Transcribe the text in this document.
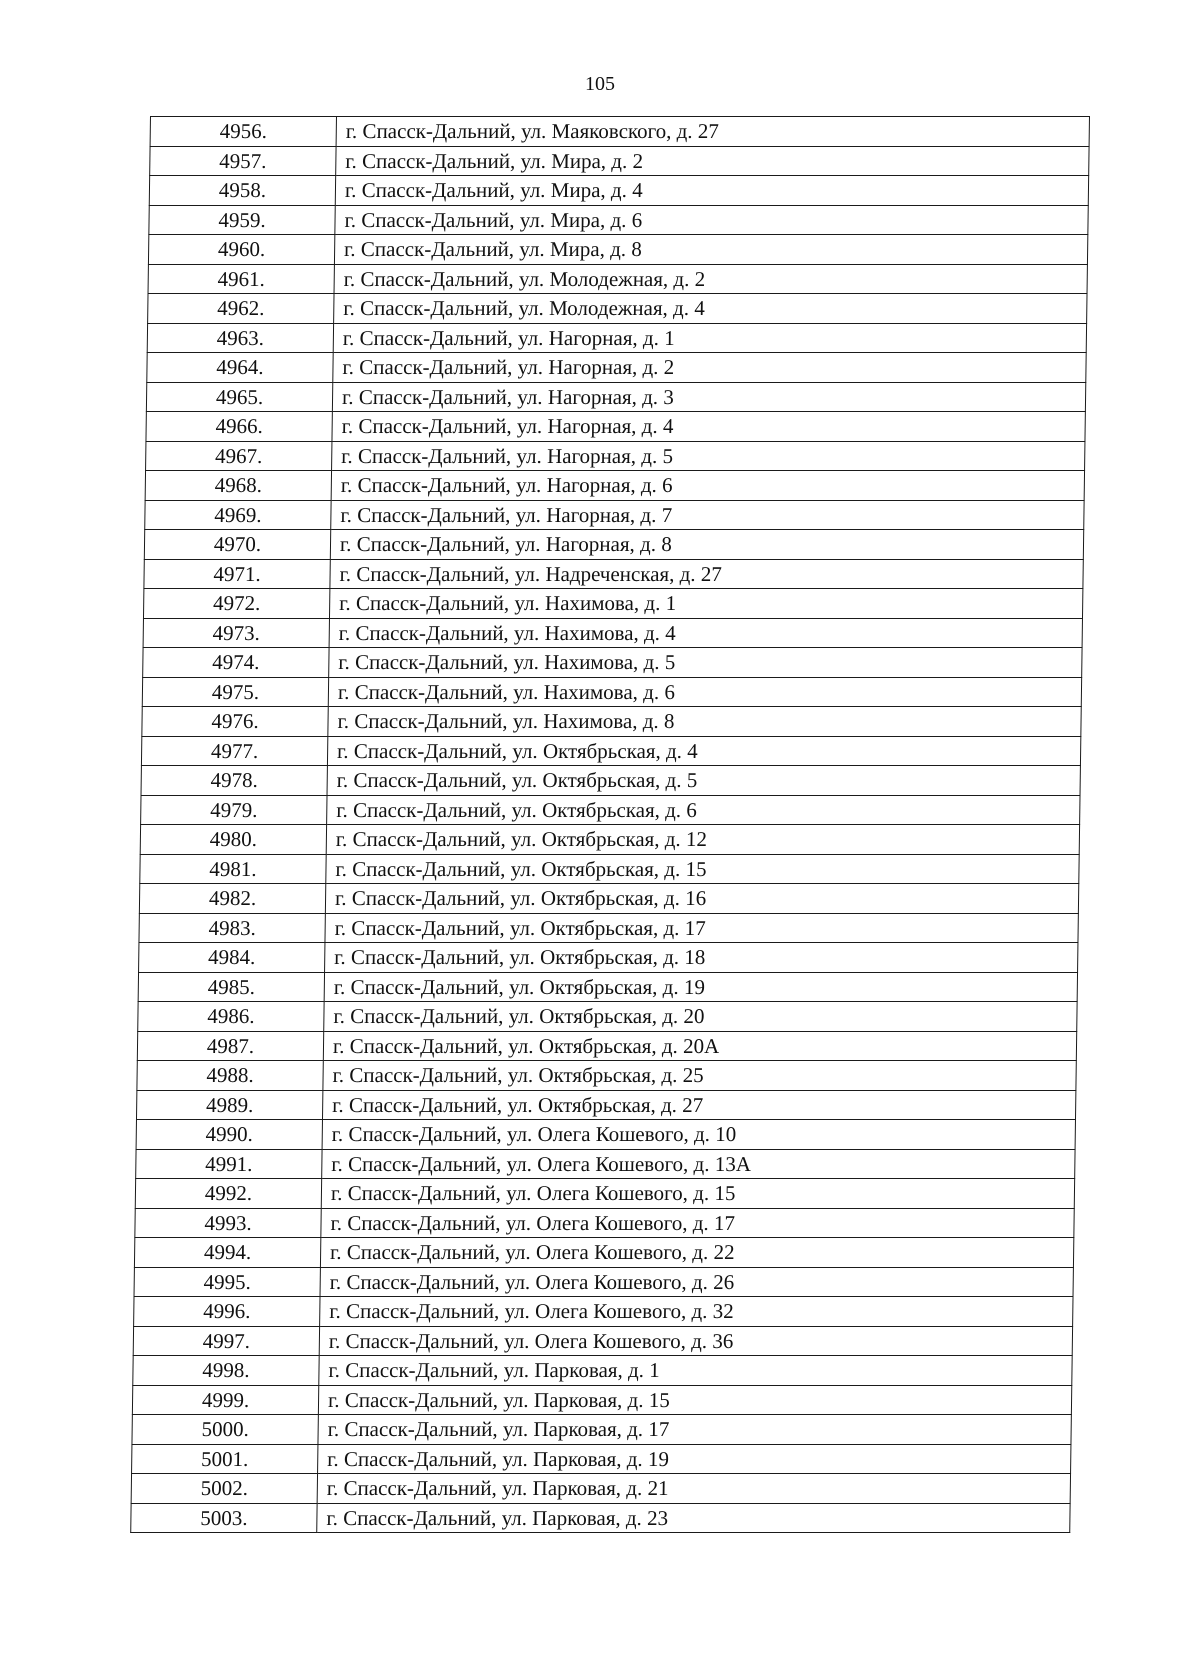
105
4956.	г. Спасск-Дальний, ул. Маяковского, д. 27
4957.	г. Спасск-Дальний, ул. Мира, д. 2
4958.	г. Спасск-Дальний, ул. Мира, д. 4
4959.	г. Спасск-Дальний, ул. Мира, д. 6
4960.	г. Спасск-Дальний, ул. Мира, д. 8
4961.	г. Спасск-Дальний, ул. Молодежная, д. 2
4962.	г. Спасск-Дальний, ул. Молодежная, д. 4
4963.	г. Спасск-Дальний, ул. Нагорная, д. 1
4964.	г. Спасск-Дальний, ул. Нагорная, д. 2
4965.	г. Спасск-Дальний, ул. Нагорная, д. 3
4966.	г. Спасск-Дальний, ул. Нагорная, д. 4
4967.	г. Спасск-Дальний, ул. Нагорная, д. 5
4968.	г. Спасск-Дальний, ул. Нагорная, д. 6
4969.	г. Спасск-Дальний, ул. Нагорная, д. 7
4970.	г. Спасск-Дальний, ул. Нагорная, д. 8
4971.	г. Спасск-Дальний, ул. Надреченская, д. 27
4972.	г. Спасск-Дальний, ул. Нахимова, д. 1
4973.	г. Спасск-Дальний, ул. Нахимова, д. 4
4974.	г. Спасск-Дальний, ул. Нахимова, д. 5
4975.	г. Спасск-Дальний, ул. Нахимова, д. 6
4976.	г. Спасск-Дальний, ул. Нахимова, д. 8
4977.	г. Спасск-Дальний, ул. Октябрьская, д. 4
4978.	г. Спасск-Дальний, ул. Октябрьская, д. 5
4979.	г. Спасск-Дальний, ул. Октябрьская, д. 6
4980.	г. Спасск-Дальний, ул. Октябрьская, д. 12
4981.	г. Спасск-Дальний, ул. Октябрьская, д. 15
4982.	г. Спасск-Дальний, ул. Октябрьская, д. 16
4983.	г. Спасск-Дальний, ул. Октябрьская, д. 17
4984.	г. Спасск-Дальний, ул. Октябрьская, д. 18
4985.	г. Спасск-Дальний, ул. Октябрьская, д. 19
4986.	г. Спасск-Дальний, ул. Октябрьская, д. 20
4987.	г. Спасск-Дальний, ул. Октябрьская, д. 20А
4988.	г. Спасск-Дальний, ул. Октябрьская, д. 25
4989.	г. Спасск-Дальний, ул. Октябрьская, д. 27
4990.	г. Спасск-Дальний, ул. Олега Кошевого, д. 10
4991.	г. Спасск-Дальний, ул. Олега Кошевого, д. 13А
4992.	г. Спасск-Дальний, ул. Олега Кошевого, д. 15
4993.	г. Спасск-Дальний, ул. Олега Кошевого, д. 17
4994.	г. Спасск-Дальний, ул. Олега Кошевого, д. 22
4995.	г. Спасск-Дальний, ул. Олега Кошевого, д. 26
4996.	г. Спасск-Дальний, ул. Олега Кошевого, д. 32
4997.	г. Спасск-Дальний, ул. Олега Кошевого, д. 36
4998.	г. Спасск-Дальний, ул. Парковая, д. 1
4999.	г. Спасск-Дальний, ул. Парковая, д. 15
5000.	г. Спасск-Дальний, ул. Парковая, д. 17
5001.	г. Спасск-Дальний, ул. Парковая, д. 19
5002.	г. Спасск-Дальний, ул. Парковая, д. 21
5003.	г. Спасск-Дальний, ул. Парковая, д. 23
